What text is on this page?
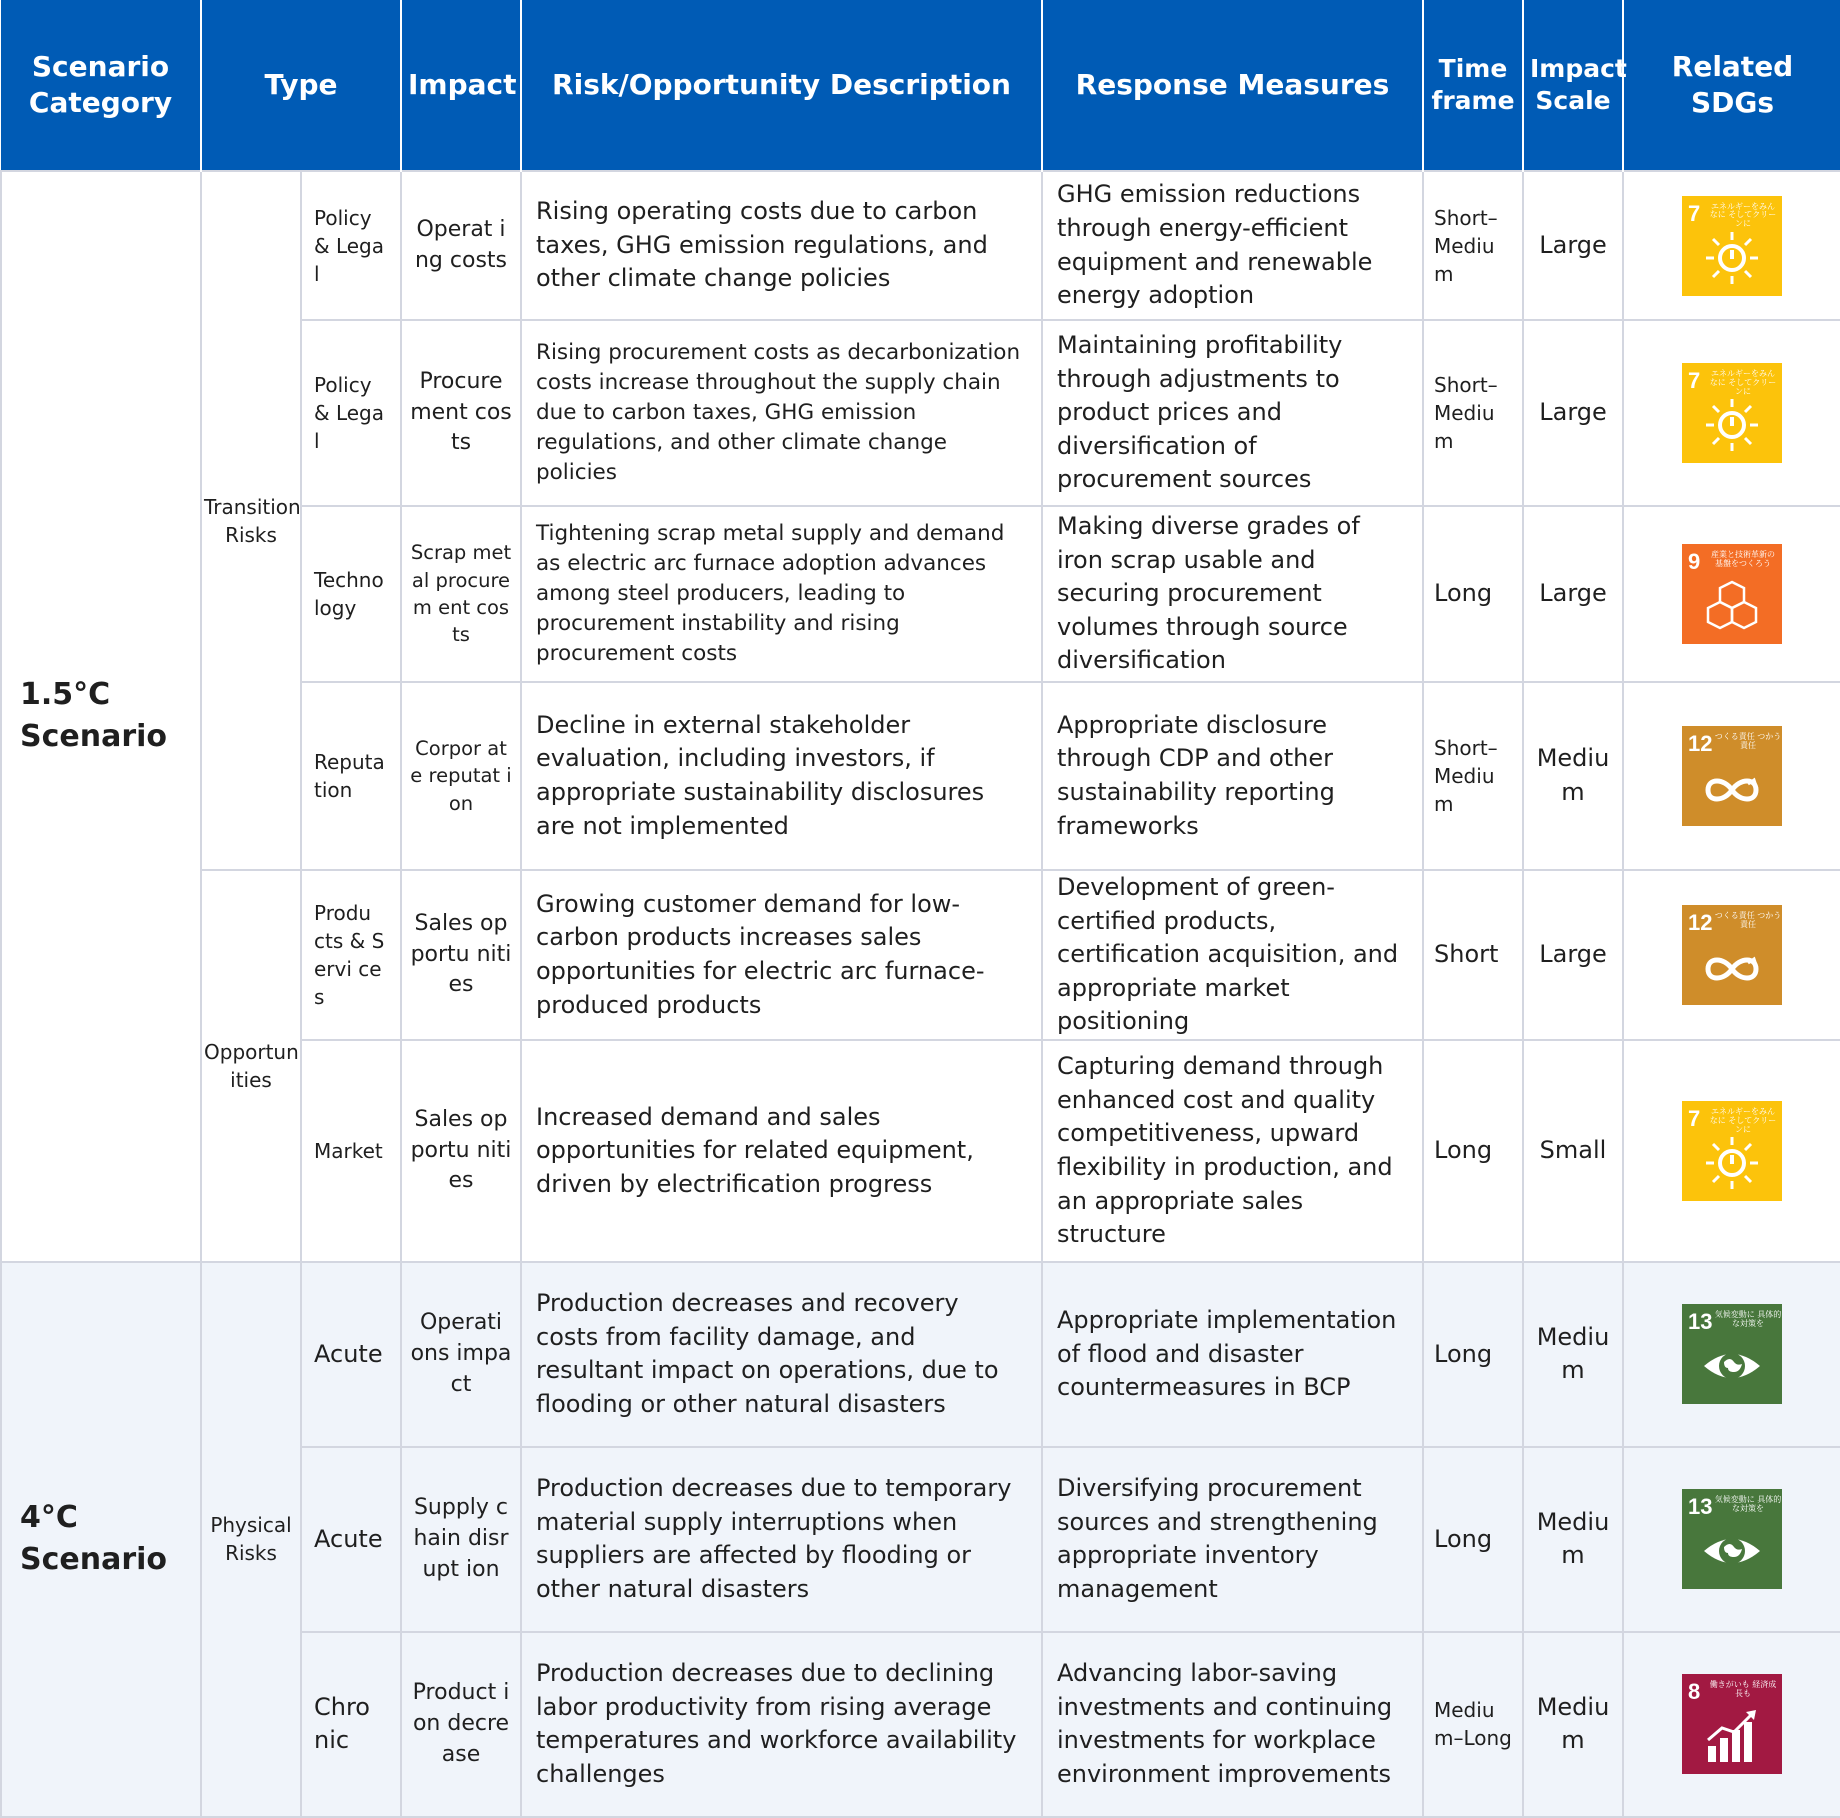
Scenario Category	Type		Impact	Risk/Opportunity Description	Response Measures	Time frame	Impact Scale	Related SDGs
1.5°C Scenario	Transition Risks	Policy & Legal	Operat ing costs	Rising operating costs due to carbon taxes, GHG emission regulations, and other climate change policies	GHG emission reductions through energy-efficient equipment and renewable energy adoption	Short–Medium	Large	7 エネルギーをみんなに そしてクリーンに

		Policy & Legal	Procure ment costs	Rising procurement costs as decarbonization costs increase throughout the supply chain due to carbon taxes, GHG emission regulations, and other climate change policies	Maintaining profitability through adjustments to product prices and diversification of procurement sources	Short–Medium	Large	7 エネルギーをみんなに そしてクリーンに

		Techno logy	Scrap metal procurem ent costs	Tightening scrap metal supply and demand as electric arc furnace adoption advances among steel producers, leading to procurement instability and rising procurement costs	Making diverse grades of iron scrap usable and securing procurement volumes through source diversification	Long	Large	9 産業と技術革新の 基盤をつくろう

		Reputa tion	Corpor ate reputat ion	Decline in external stakeholder evaluation, including investors, if appropriate sustainability disclosures are not implemented	Appropriate disclosure through CDP and other sustainability reporting frameworks	Short–Medium	Medium	12 つくる責任 つかう責任

	Opportun ities	Produ cts & Servi ces	Sales opportu nities	Growing customer demand for low-carbon products increases sales opportunities for electric arc furnace-produced products	Development of green-certified products, certification acquisition, and appropriate market positioning	Short	Large	12 つくる責任 つかう責任

		Market	Sales opportu nities	Increased demand and sales opportunities for related equipment, driven by electrification progress	Capturing demand through enhanced cost and quality competitiveness, upward flexibility in production, and an appropriate sales structure	Long	Small	7 エネルギーをみんなに そしてクリーンに

4°C Scenario	Physical Risks	Acute	Operati ons impact	Production decreases and recovery costs from facility damage, and resultant impact on operations, due to flooding or other natural disasters	Appropriate implementation of flood and disaster countermeasures in BCP	Long	Medium	13 気候変動に 具体的な対策を

		Acute	Supply chain disrupt ion	Production decreases due to temporary material supply interruptions when suppliers are affected by flooding or other natural disasters	Diversifying procurement sources and strengthening appropriate inventory management	Long	Medium	13 気候変動に 具体的な対策を

		Chro nic	Product ion decre ase	Production decreases due to declining labor productivity from rising average temperatures and workforce availability challenges	Advancing labor-saving investments and continuing investments for workplace environment improvements	Medium–Long	Medium	8 働きがいも 経済成長も
